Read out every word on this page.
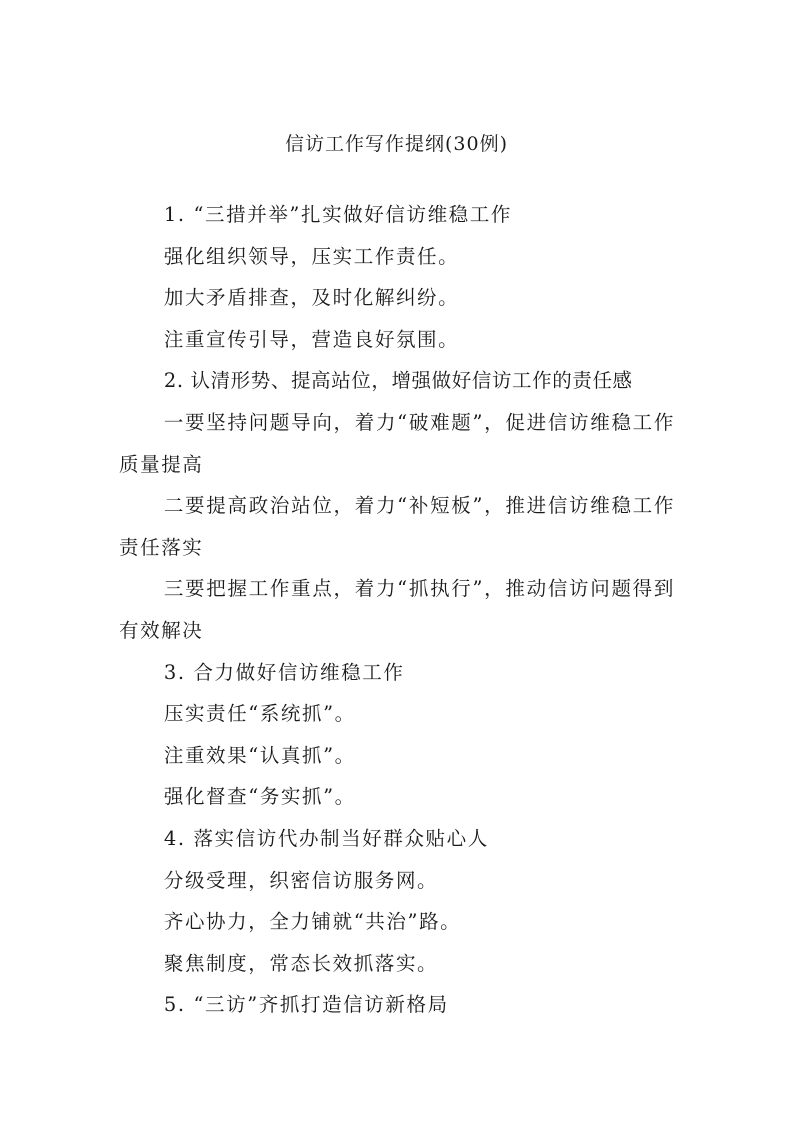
信访工作写作提纲(30例)

1. “三措并举”扎实做好信访维稳工作

强化组织领导，压实工作责任。

加大矛盾排查，及时化解纠纷。

注重宣传引导，营造良好氛围。

2. 认清形势、提高站位，增强做好信访工作的责任感

一要坚持问题导向，着力“破难题”，促进信访维稳工作质量提高

二要提高政治站位，着力“补短板”，推进信访维稳工作责任落实

三要把握工作重点，着力“抓执行”，推动信访问题得到有效解决

3. 合力做好信访维稳工作

压实责任“系统抓”。

注重效果“认真抓”。

强化督查“务实抓”。

4. 落实信访代办制当好群众贴心人

分级受理，织密信访服务网。

齐心协力，全力铺就“共治”路。

聚焦制度，常态长效抓落实。

5. “三访”齐抓打造信访新格局
